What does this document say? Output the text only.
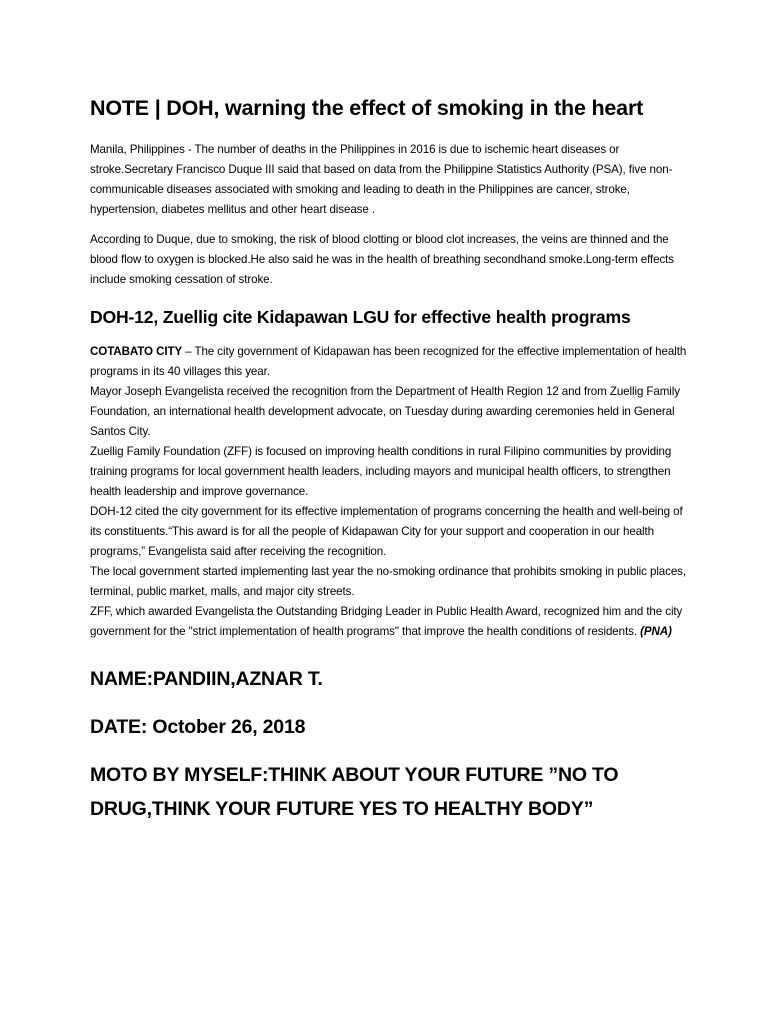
NOTE | DOH, warning the effect of smoking in the heart

Manila, Philippines - The number of deaths in the Philippines in 2016 is due to ischemic heart diseases or stroke.Secretary Francisco Duque III said that based on data from the Philippine Statistics Authority (PSA), five non-communicable diseases associated with smoking and leading to death in the Philippines are cancer, stroke, hypertension, diabetes mellitus and other heart disease .

According to Duque, due to smoking, the risk of blood clotting or blood clot increases, the veins are thinned and the blood flow to oxygen is blocked.He also said he was in the health of breathing secondhand smoke.Long-term effects include smoking cessation of stroke.

DOH-12, Zuellig cite Kidapawan LGU for effective health programs

COTABATO CITY – The city government of Kidapawan has been recognized for the effective implementation of health programs in its 40 villages this year.

Mayor Joseph Evangelista received the recognition from the Department of Health Region 12 and from Zuellig Family Foundation, an international health development advocate, on Tuesday during awarding ceremonies held in General Santos City.

Zuellig Family Foundation (ZFF) is focused on improving health conditions in rural Filipino communities by providing training programs for local government health leaders, including mayors and municipal health officers, to strengthen health leadership and improve governance.

DOH-12 cited the city government for its effective implementation of programs concerning the health and well-being of its constituents.“This award is for all the people of Kidapawan City for your support and cooperation in our health programs,” Evangelista said after receiving the recognition.

The local government started implementing last year the no-smoking ordinance that prohibits smoking in public places, terminal, public market, malls, and major city streets.

ZFF, which awarded Evangelista the Outstanding Bridging Leader in Public Health Award, recognized him and the city government for the "strict implementation of health programs" that improve the health conditions of residents. (PNA)

NAME:PANDIIN,AZNAR T.

DATE: October 26, 2018

MOTO BY MYSELF:THINK ABOUT YOUR FUTURE ”NO TO DRUG,THINK YOUR FUTURE YES TO HEALTHY BODY”
